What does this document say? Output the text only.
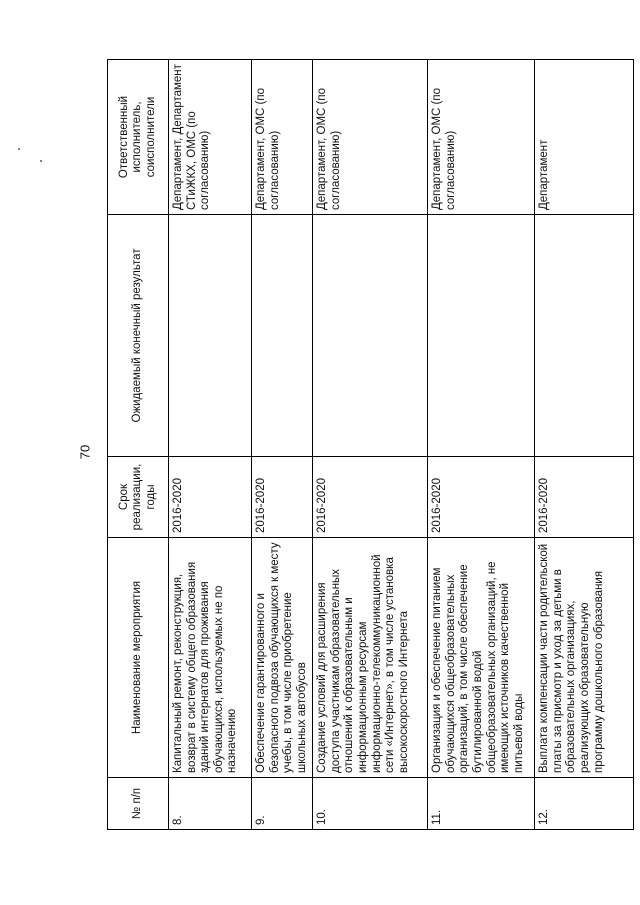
70
№ п/п	Наименование мероприятия	Срок реализации, годы	Ожидаемый конечный результат	Ответственный исполнитель, соисполнители
8.	Капитальный ремонт, реконструкция, возврат в систему общего образования зданий интернатов для проживания обучающихся, используемых не по назначению	2016-2020		Департамент, Департамент СТиЖКХ, ОМС (по согласованию)
9.	Обеспечение гарантированного и безопасного подвоза обучающихся к месту учебы, в том числе приобретение школьных автобусов	2016-2020		Департамент, ОМС (по согласованию)
10.	Создание условий для расширения доступа участникам образовательных отношений к образовательным и информационным ресурсам информационно-телекоммуникационной сети «Интернет», в том числе установка высокоскоростного Интернета	2016-2020		Департамент, ОМС (по согласованию)
11.	Организация и обеспечение питанием обучающихся общеобразовательных организаций, в том числе обеспечение бутилированной водой общеобразовательных организаций, не имеющих источников качественной питьевой воды	2016-2020		Департамент, ОМС (по согласованию)
12.	Выплата компенсации части родительской платы за присмотр и уход за детьми в образовательных организациях, реализующих образовательную программу дошкольного образования	2016-2020		Департамент
